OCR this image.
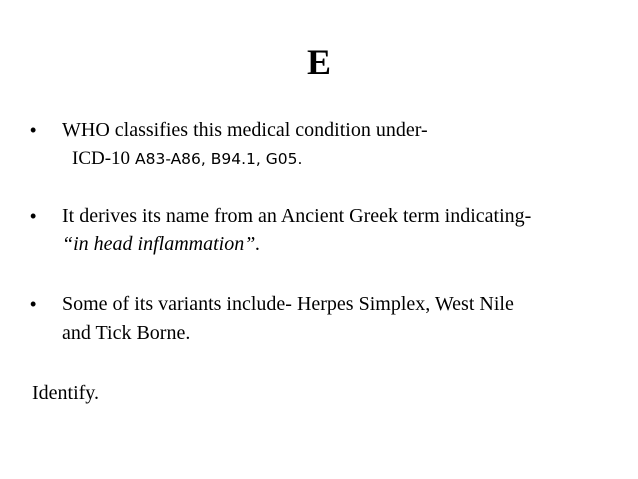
E
• WHO classifies this medical condition under-
ICD-10 A83-A86, B94.1, G05.
• It derives its name from an Ancient Greek term indicating-
“in head inflammation”.
• Some of its variants include- Herpes Simplex, West Nile
and Tick Borne.
Identify.
